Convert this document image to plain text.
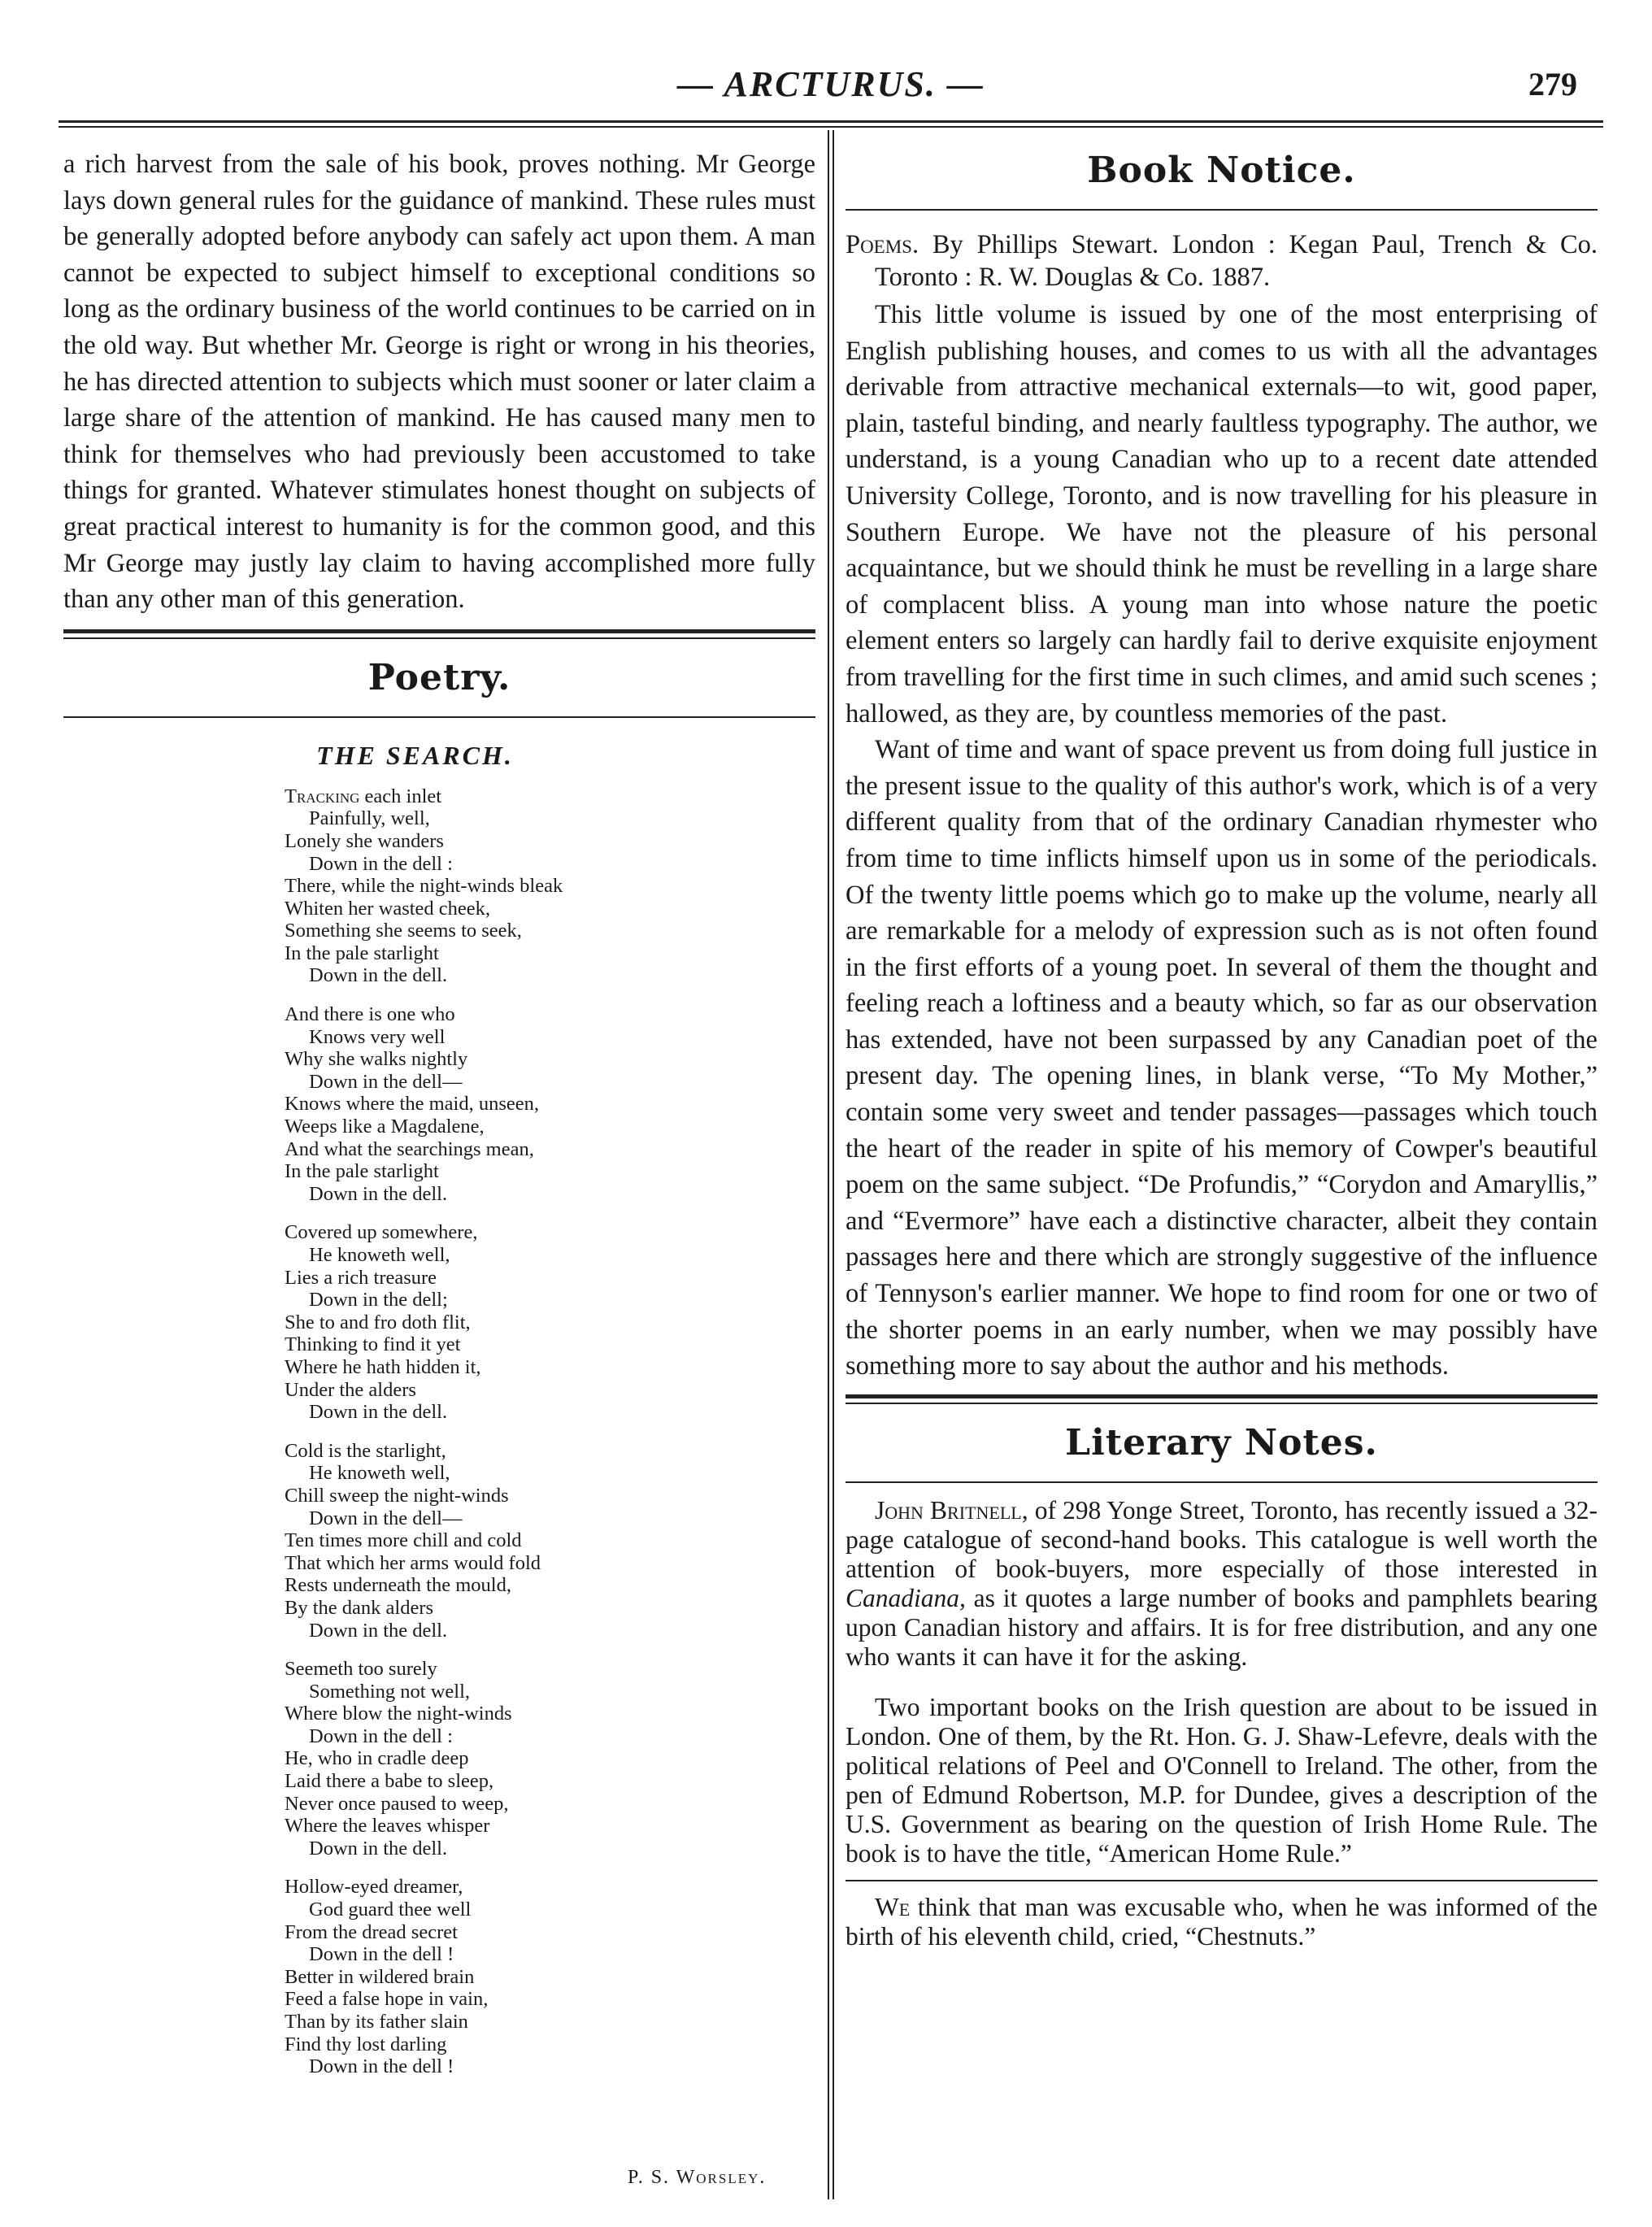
— ARCTURUS. —	279

a rich harvest from the sale of his book, proves nothing. Mr George lays down general rules for the guidance of mankind. These rules must be generally adopted before anybody can safely act upon them. A man cannot be expected to subject himself to exceptional conditions so long as the ordinary business of the world continues to be carried on in the old way. But whether Mr. George is right or wrong in his theories, he has directed attention to subjects which must sooner or later claim a large share of the attention of mankind. He has caused many men to think for themselves who had previously been accustomed to take things for granted. Whatever stimulates honest thought on subjects of great practical interest to humanity is for the common good, and this Mr George may justly lay claim to having accomplished more fully than any other man of this generation.

Poetry.
THE SEARCH.
Tracking each inlet
Painfully, well,
Lonely she wanders
Down in the dell :
There, while the night-winds bleak
Whiten her wasted cheek,
Something she seems to seek,
In the pale starlight
Down in the dell.
And there is one who
Knows very well
Why she walks nightly
Down in the dell—
Knows where the maid, unseen,
Weeps like a Magdalene,
And what the searchings mean,
In the pale starlight
Down in the dell.
Covered up somewhere,
He knoweth well,
Lies a rich treasure
Down in the dell;
She to and fro doth flit,
Thinking to find it yet
Where he hath hidden it,
Under the alders
Down in the dell.
Cold is the starlight,
He knoweth well,
Chill sweep the night-winds
Down in the dell—
Ten times more chill and cold
That which her arms would fold
Rests underneath the mould,
By the dank alders
Down in the dell.
Seemeth too surely
Something not well,
Where blow the night-winds
Down in the dell :
He, who in cradle deep
Laid there a babe to sleep,
Never once paused to weep,
Where the leaves whisper
Down in the dell.
Hollow-eyed dreamer,
God guard thee well
From the dread secret
Down in the dell !
Better in wildered brain
Feed a false hope in vain,
Than by its father slain
Find thy lost darling
Down in the dell !
P. S. Worsley.
Book Notice.

Poems. By Phillips Stewart. London : Kegan Paul, Trench & Co. Toronto : R. W. Douglas & Co. 1887.

This little volume is issued by one of the most enterprising of English publishing houses, and comes to us with all the advantages derivable from attractive mechanical externals—to wit, good paper, plain, tasteful binding, and nearly faultless typography. The author, we understand, is a young Canadian who up to a recent date attended University College, Toronto, and is now travelling for his pleasure in Southern Europe. We have not the pleasure of his personal acquaintance, but we should think he must be revelling in a large share of complacent bliss. A young man into whose nature the poetic element enters so largely can hardly fail to derive exquisite enjoyment from travelling for the first time in such climes, and amid such scenes ; hallowed, as they are, by countless memories of the past.

Want of time and want of space prevent us from doing full justice in the present issue to the quality of this author's work, which is of a very different quality from that of the ordinary Canadian rhymester who from time to time inflicts himself upon us in some of the periodicals. Of the twenty little poems which go to make up the volume, nearly all are remarkable for a melody of expression such as is not often found in the first efforts of a young poet. In several of them the thought and feeling reach a loftiness and a beauty which, so far as our observation has extended, have not been surpassed by any Canadian poet of the present day. The opening lines, in blank verse, “To My Mother,” contain some very sweet and tender passages—passages which touch the heart of the reader in spite of his memory of Cowper's beautiful poem on the same subject. “De Profundis,” “Corydon and Amaryllis,” and “Evermore” have each a distinctive character, albeit they contain passages here and there which are strongly suggestive of the influence of Tennyson's earlier manner. We hope to find room for one or two of the shorter poems in an early number, when we may possibly have something more to say about the author and his methods.

Literary Notes.

John Britnell, of 298 Yonge Street, Toronto, has recently issued a 32-page catalogue of second-hand books. This catalogue is well worth the attention of book-buyers, more especially of those interested in Canadiana, as it quotes a large number of books and pamphlets bearing upon Canadian history and affairs. It is for free distribution, and any one who wants it can have it for the asking.

Two important books on the Irish question are about to be issued in London. One of them, by the Rt. Hon. G. J. Shaw-Lefevre, deals with the political relations of Peel and O'Connell to Ireland. The other, from the pen of Edmund Robertson, M.P. for Dundee, gives a description of the U.S. Government as bearing on the question of Irish Home Rule. The book is to have the title, “American Home Rule.”

We think that man was excusable who, when he was informed of the birth of his eleventh child, cried, “Chestnuts.”
